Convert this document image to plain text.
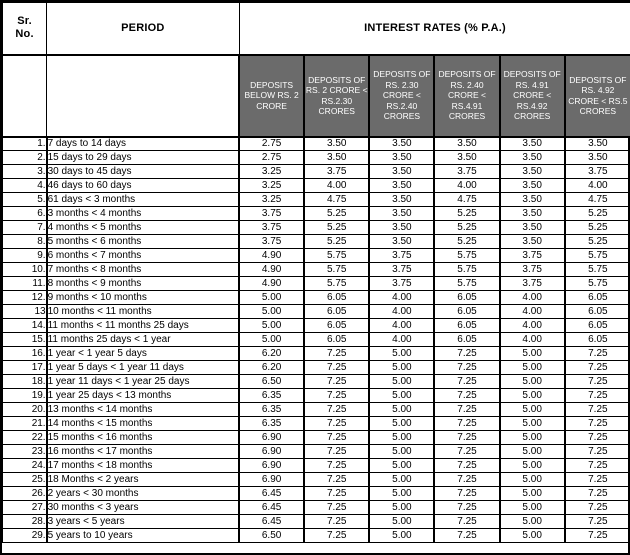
Sr.
No.	PERIOD	INTEREST RATES (% P.A.)					
		DEPOSITS BELOW RS. 2 CRORE	DEPOSITS OF RS. 2 CRORE < RS.2.30 CRORES	DEPOSITS OF RS. 2.30 CRORE < RS.2.40 CRORES	DEPOSITS OF RS. 2.40 CRORE < RS.4.91 CRORES	DEPOSITS OF RS. 4.91 CRORE < RS.4.92 CRORES	DEPOSITS OF RS. 4.92 CRORE < RS.5 CRORES
1.	7 days to 14 days	2.75	3.50	3.50	3.50	3.50	3.50
2.	15 days to 29 days	2.75	3.50	3.50	3.50	3.50	3.50
3.	30 days to 45 days	3.25	3.75	3.50	3.75	3.50	3.75
4.	46 days to 60 days	3.25	4.00	3.50	4.00	3.50	4.00
5.	61 days < 3 months	3.25	4.75	3.50	4.75	3.50	4.75
6.	3 months < 4 months	3.75	5.25	3.50	5.25	3.50	5.25
7.	4 months < 5 months	3.75	5.25	3.50	5.25	3.50	5.25
8.	5 months < 6 months	3.75	5.25	3.50	5.25	3.50	5.25
9.	6 months < 7 months	4.90	5.75	3.75	5.75	3.75	5.75
10.	7 months < 8 months	4.90	5.75	3.75	5.75	3.75	5.75
11.	8 months < 9 months	4.90	5.75	3.75	5.75	3.75	5.75
12.	9 months < 10 months	5.00	6.05	4.00	6.05	4.00	6.05
13	10 months < 11 months	5.00	6.05	4.00	6.05	4.00	6.05
14.	11 months < 11 months 25 days	5.00	6.05	4.00	6.05	4.00	6.05
15.	11 months 25 days < 1 year	5.00	6.05	4.00	6.05	4.00	6.05
16.	1 year < 1 year 5 days	6.20	7.25	5.00	7.25	5.00	7.25
17.	1 year 5 days < 1 year 11 days	6.20	7.25	5.00	7.25	5.00	7.25
18.	1 year 11 days < 1 year 25 days	6.50	7.25	5.00	7.25	5.00	7.25
19.	1 year 25 days < 13 months	6.35	7.25	5.00	7.25	5.00	7.25
20.	13 months < 14 months	6.35	7.25	5.00	7.25	5.00	7.25
21.	14 months < 15 months	6.35	7.25	5.00	7.25	5.00	7.25
22.	15 months < 16 months	6.90	7.25	5.00	7.25	5.00	7.25
23.	16 months < 17 months	6.90	7.25	5.00	7.25	5.00	7.25
24.	17 months < 18 months	6.90	7.25	5.00	7.25	5.00	7.25
25.	18 Months < 2 years	6.90	7.25	5.00	7.25	5.00	7.25
26.	2 years < 30 months	6.45	7.25	5.00	7.25	5.00	7.25
27.	30 months < 3 years	6.45	7.25	5.00	7.25	5.00	7.25
28.	3 years < 5 years	6.45	7.25	5.00	7.25	5.00	7.25
29.	5 years to 10 years	6.50	7.25	5.00	7.25	5.00	7.25
